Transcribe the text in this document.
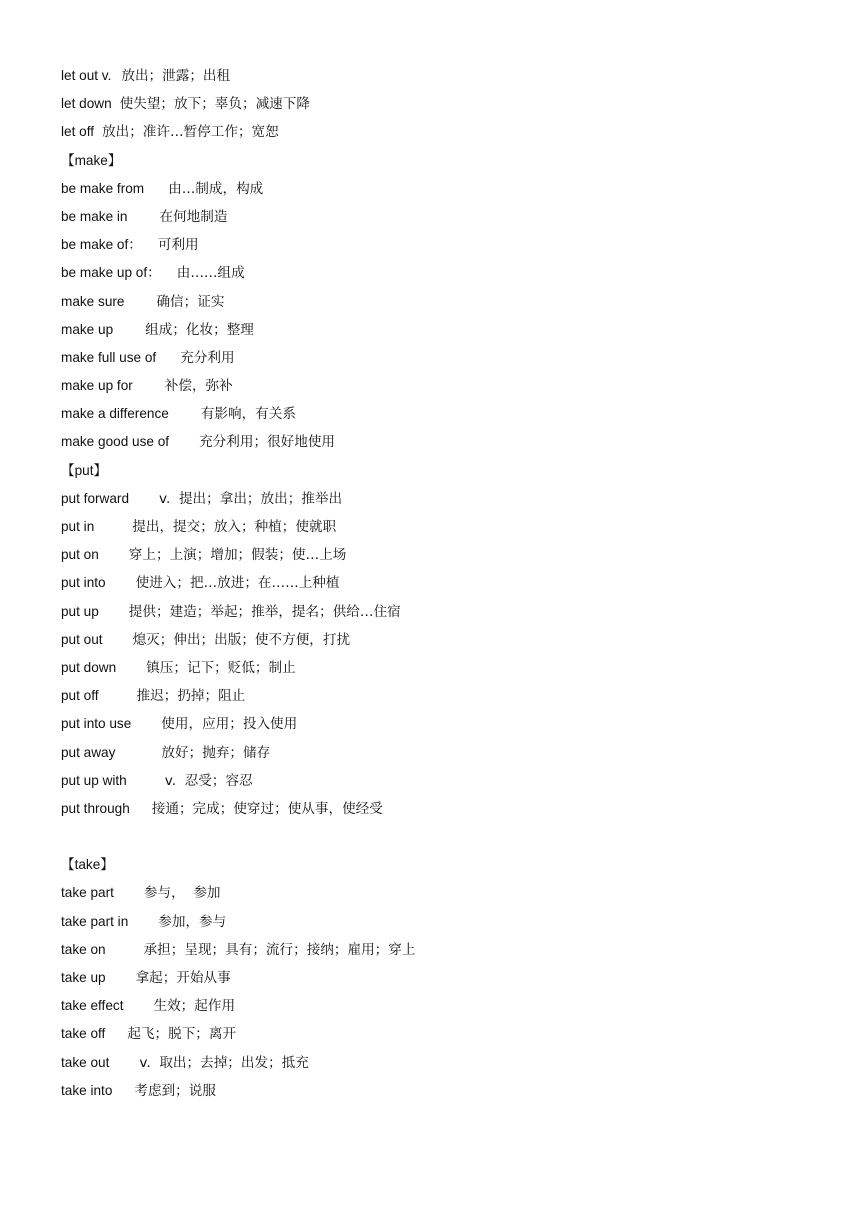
let out v. 放出；泄露；出租
let down 使失望；放下；辜负；减速下降
let off 放出；准许…暂停工作；宽恕
【make】
be make from 由…制成，构成
be make in 在何地制造
be make of： 可利用
be make up of： 由……组成
make sure 确信；证实
make up 组成；化妆；整理
make full use of 充分利用
make up for 补偿，弥补
make a difference 有影响，有关系
make good use of 充分利用；很好地使用
【put】
put forward v.  提出；拿出；放出；推举出
put in	提出，提交；放入；种植；使就职
put on 穿上；上演；增加；假装；使…上场
put into 使进入；把…放进；在……上种植
put up 提供；建造；举起；推举，提名；供给…住宿
put out 熄灭；伸出；出版；使不方便，打扰
put down 镇压；记下；贬低；制止
put off	推迟；扔掉；阻止
put into use 使用，应用；投入使用
put away	放好；抛弃；储存
put up with	v.  忍受；容忍
put through 接通；完成；使穿过；使从事，使经受
【take】
take part 参与，  参加
take part in 参加，参与
take on	承担；呈现；具有；流行；接纳；雇用；穿上
take up 拿起；开始从事
take effect 生效；起作用
take off 起飞；脱下；离开
take out v.  取出；去掉；出发；抵充
take into 考虑到；说服
